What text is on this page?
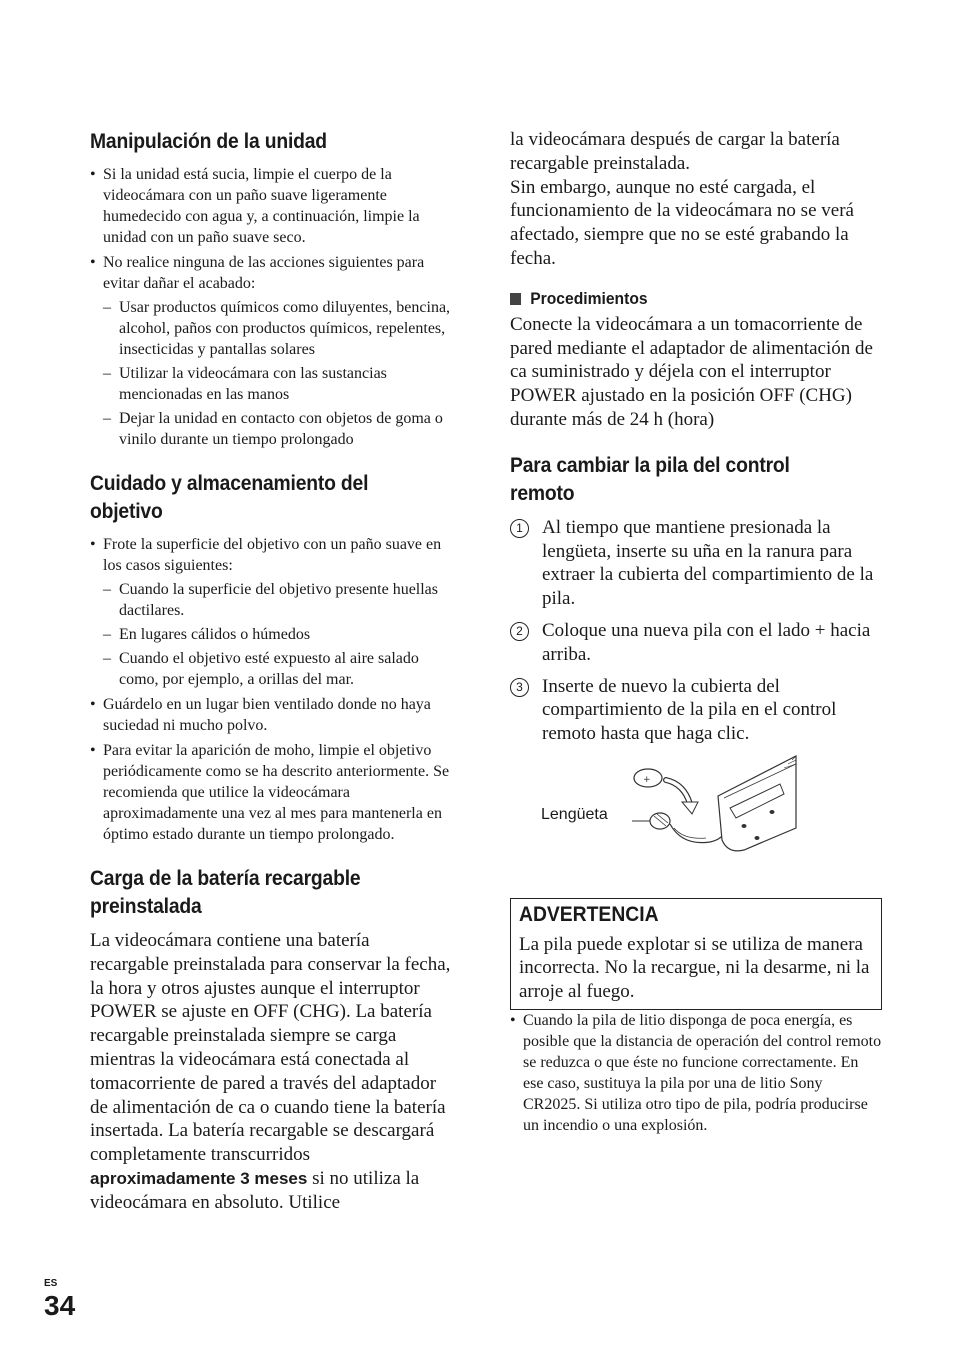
Manipulación de la unidad
• Si la unidad está sucia, limpie el cuerpo de la videocámara con un paño suave ligeramente humedecido con agua y, a continuación, limpie la unidad con un paño suave seco.
• No realice ninguna de las acciones siguientes para evitar dañar el acabado:
– Usar productos químicos como diluyentes, bencina, alcohol, paños con productos químicos, repelentes, insecticidas y pantallas solares
– Utilizar la videocámara con las sustancias mencionadas en las manos
– Dejar la unidad en contacto con objetos de goma o vinilo durante un tiempo prolongado
Cuidado y almacenamiento del objetivo
• Frote la superficie del objetivo con un paño suave en los casos siguientes:
– Cuando la superficie del objetivo presente huellas dactilares.
– En lugares cálidos o húmedos
– Cuando el objetivo esté expuesto al aire salado como, por ejemplo, a orillas del mar.
• Guárdelo en un lugar bien ventilado donde no haya suciedad ni mucho polvo.
• Para evitar la aparición de moho, limpie el objetivo periódicamente como se ha descrito anteriormente. Se recomienda que utilice la videocámara aproximadamente una vez al mes para mantenerla en óptimo estado durante un tiempo prolongado.
Carga de la batería recargable preinstalada

La videocámara contiene una batería recargable preinstalada para conservar la fecha, la hora y otros ajustes aunque el interruptor POWER se ajuste en OFF (CHG). La batería recargable preinstalada siempre se carga mientras la videocámara está conectada al tomacorriente de pared a través del adaptador de alimentación de ca o cuando tiene la batería insertada. La batería recargable se descargará completamente transcurridos aproximadamente 3 meses si no utiliza la videocámara en absoluto. Utilice

la videocámara después de cargar la batería recargable preinstalada.

Sin embargo, aunque no esté cargada, el funcionamiento de la videocámara no se verá afectado, siempre que no se esté grabando la fecha.

Procedimientos

Conecte la videocámara a un tomacorriente de pared mediante el adaptador de alimentación de ca suministrado y déjela con el interruptor POWER ajustado en la posición OFF (CHG) durante más de 24 h (hora)

Para cambiar la pila del control remoto
1	Al tiempo que mantiene presionada la lengüeta, inserte su uña en la ranura para extraer la cubierta del compartimiento de la pila.
2	Coloque una nueva pila con el lado + hacia arriba.
3	Inserte de nuevo la cubierta del compartimiento de la pila en el control remoto hasta que haga clic.
Lengüeta
+
ADVERTENCIA

La pila puede explotar si se utiliza de manera incorrecta. No la recargue, ni la desarme, ni la arroje al fuego.

• Cuando la pila de litio disponga de poca energía, es posible que la distancia de operación del control remoto se reduzca o que éste no funcione correctamente. En ese caso, sustituya la pila por una de litio Sony CR2025. Si utiliza otro tipo de pila, podría producirse un incendio o una explosión.
ES
34
